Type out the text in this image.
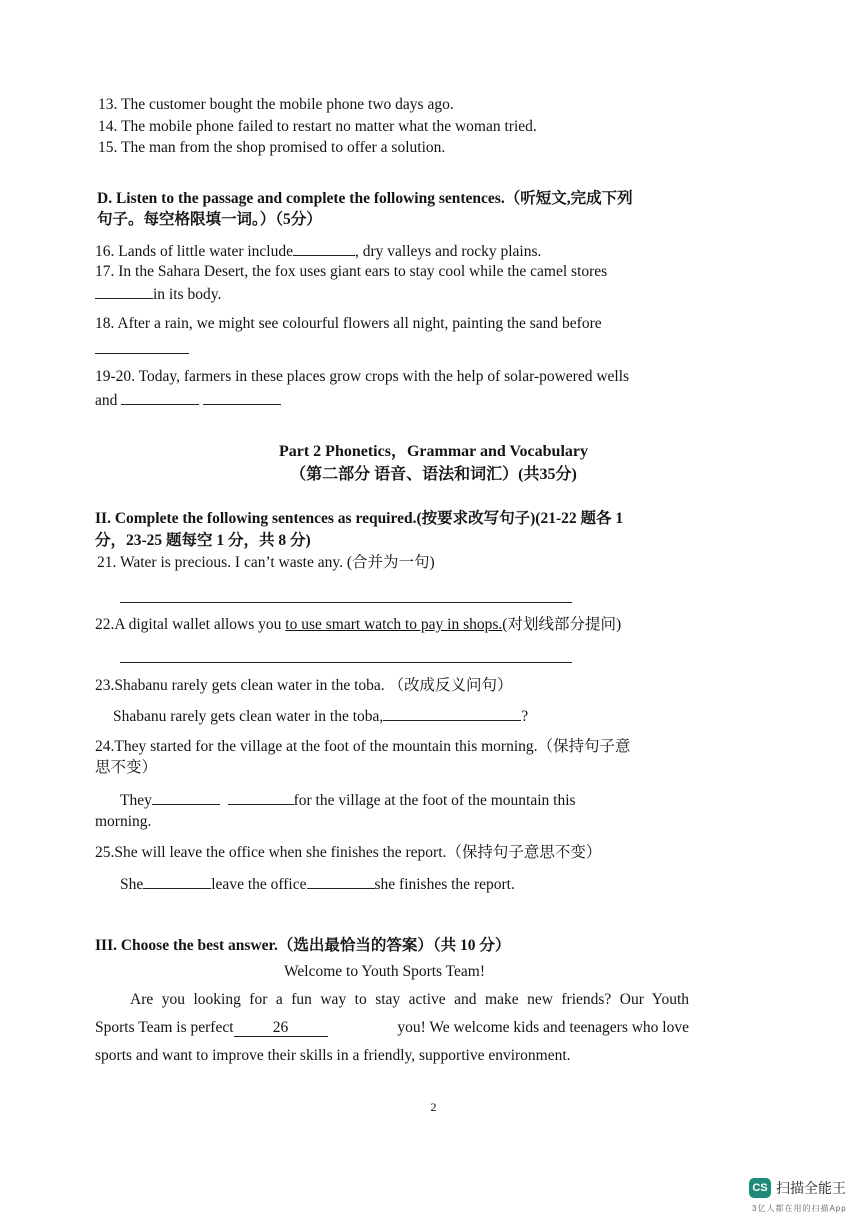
13. The customer bought the mobile phone two days ago.
14. The mobile phone failed to restart no matter what the woman tried.
15. The man from the shop promised to offer a solution.
D. Listen to the passage and complete the following sentences.（听短文,完成下列
句子。每空格限填一词。）（5分）
16. Lands of little water include	, dry valleys and rocky plains.
17. In the Sahara Desert, the fox uses giant ears to stay cool while the camel stores
in its body.
18. After a rain, we might see colourful flowers all night, painting the sand before
19-20. Today, farmers in these places grow crops with the help of solar-powered wells
and
Part 2 Phonetics，Grammar and Vocabulary
（第二部分 语音、语法和词汇）(共35分)
II. Complete the following sentences as required.(按要求改写句子)(21-22 题各 1
分，23-25 题每空 1 分，共 8 分)
21. Water is precious. I can’t waste any. (合并为一句)
22.A digital wallet allows you to use smart watch to pay in shops.(对划线部分提问)
23.Shabanu rarely gets clean water in the toba. （改成反义问句）
Shabanu rarely gets clean water in the toba,	?
24.They started for the village at the foot of the mountain this morning.（保持句子意
思不变）
They	for the village at the foot of the mountain this
morning.
25.She will leave the office when she finishes the report.（保持句子意思不变）
She	leave the office	she finishes the report.
III. Choose the best answer.（选出最恰当的答案）（共 10 分）
Welcome to Youth Sports Team!
Are you looking for a fun way to stay active and make new friends? Our Youth
Sports Team is perfect	26	you! We welcome kids and teenagers who love
sports and want to improve their skills in a friendly, supportive environment.
2
CS 扫描全能王
3亿人都在用的扫描App
